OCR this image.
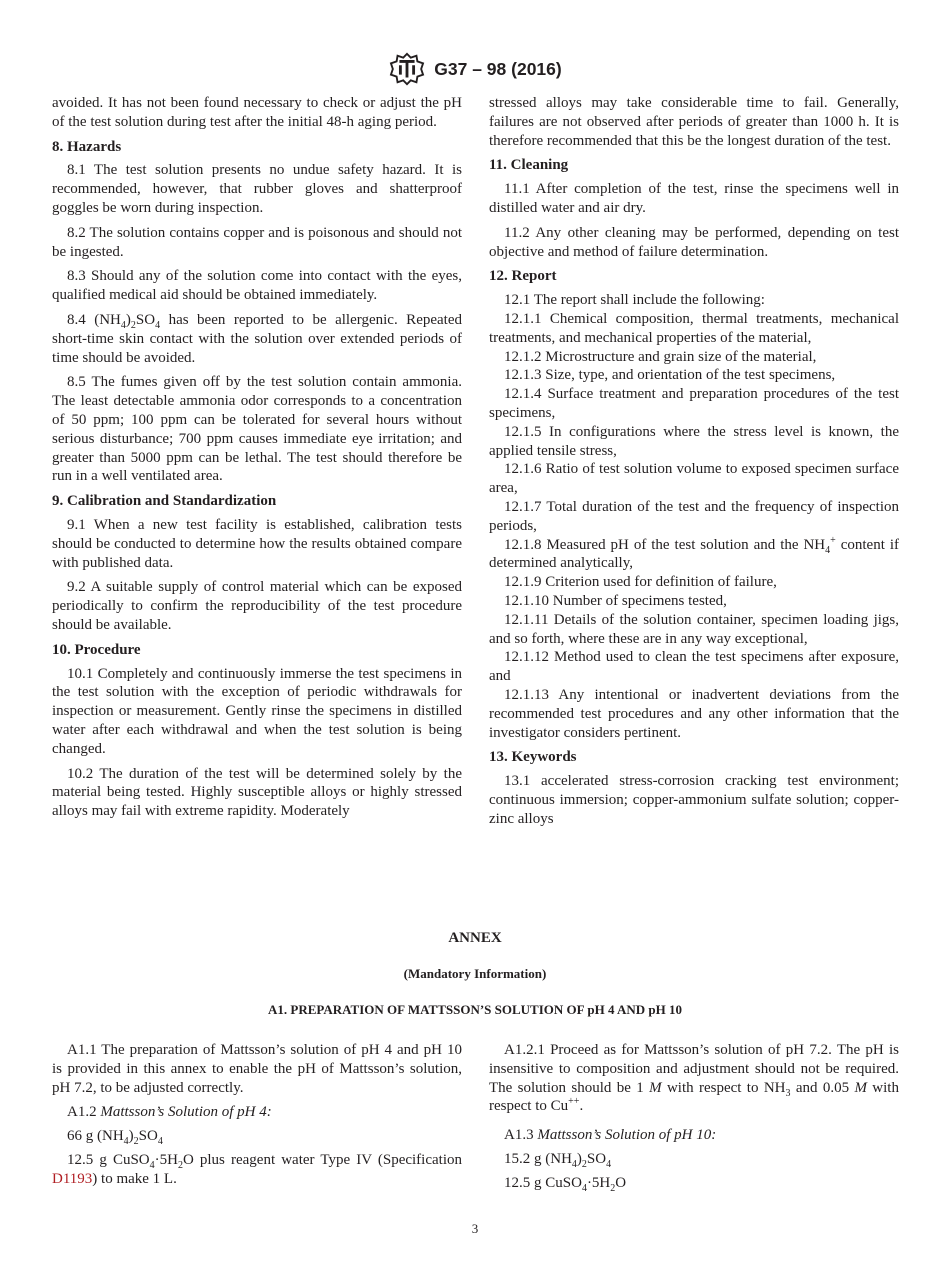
G37 – 98 (2016)

avoided. It has not been found necessary to check or adjust the pH of the test solution during test after the initial 48-h aging period.

8. Hazards

8.1 The test solution presents no undue safety hazard. It is recommended, however, that rubber gloves and shatterproof goggles be worn during inspection.

8.2 The solution contains copper and is poisonous and should not be ingested.

8.3 Should any of the solution come into contact with the eyes, qualified medical aid should be obtained immediately.

8.4 $(NH_4)_2SO_4$ has been reported to be allergenic. Repeated short-time skin contact with the solution over extended periods of time should be avoided.

8.5 The fumes given off by the test solution contain ammonia. The least detectable ammonia odor corresponds to a concentration of 50 ppm; 100 ppm can be tolerated for several hours without serious disturbance; 700 ppm causes immediate eye irritation; and greater than 5000 ppm can be lethal. The test should therefore be run in a well ventilated area.

9. Calibration and Standardization

9.1 When a new test facility is established, calibration tests should be conducted to determine how the results obtained compare with published data.

9.2 A suitable supply of control material which can be exposed periodically to confirm the reproducibility of the test procedure should be available.

10. Procedure

10.1 Completely and continuously immerse the test specimens in the test solution with the exception of periodic withdrawals for inspection or measurement. Gently rinse the specimens in distilled water after each withdrawal and when the test solution is being changed.

10.2 The duration of the test will be determined solely by the material being tested. Highly susceptible alloys or highly stressed alloys may fail with extreme rapidity. Moderately

stressed alloys may take considerable time to fail. Generally, failures are not observed after periods of greater than 1000 h. It is therefore recommended that this be the longest duration of the test.

11. Cleaning

11.1 After completion of the test, rinse the specimens well in distilled water and air dry.

11.2 Any other cleaning may be performed, depending on test objective and method of failure determination.

12. Report

12.1 The report shall include the following:

12.1.1 Chemical composition, thermal treatments, mechanical treatments, and mechanical properties of the material,

12.1.2 Microstructure and grain size of the material,

12.1.3 Size, type, and orientation of the test specimens,

12.1.4 Surface treatment and preparation procedures of the test specimens,

12.1.5 In configurations where the stress level is known, the applied tensile stress,

12.1.6 Ratio of test solution volume to exposed specimen surface area,

12.1.7 Total duration of the test and the frequency of inspection periods,

12.1.8 Measured pH of the test solution and the $NH_4^+$ content if determined analytically,

12.1.9 Criterion used for definition of failure,

12.1.10 Number of specimens tested,

12.1.11 Details of the solution container, specimen loading jigs, and so forth, where these are in any way exceptional,

12.1.12 Method used to clean the test specimens after exposure, and

12.1.13 Any intentional or inadvertent deviations from the recommended test procedures and any other information that the investigator considers pertinent.

13. Keywords

13.1 accelerated stress-corrosion cracking test environment; continuous immersion; copper-ammonium sulfate solution; copper-zinc alloys

ANNEX
(Mandatory Information)
A1. PREPARATION OF MATTSSON’S SOLUTION OF pH 4 AND pH 10

A1.1 The preparation of Mattsson’s solution of pH 4 and pH 10 is provided in this annex to enable the pH of Mattsson’s solution, pH 7.2, to be adjusted correctly.

A1.2 Mattsson’s Solution of pH 4:

66 g $(NH_4)_2SO_4$

12.5 g $CuSO_4\cdot 5H_2O$ plus reagent water Type IV (Specification D1193) to make 1 L.

A1.2.1 Proceed as for Mattsson’s solution of pH 7.2. The pH is insensitive to composition and adjustment should not be required. The solution should be 1 M with respect to $NH_3$ and 0.05 M with respect to Cu++.

A1.3 Mattsson’s Solution of pH 10:

15.2 g $(NH_4)_2SO_4$

12.5 g $CuSO_4\cdot 5H_2O$

3
